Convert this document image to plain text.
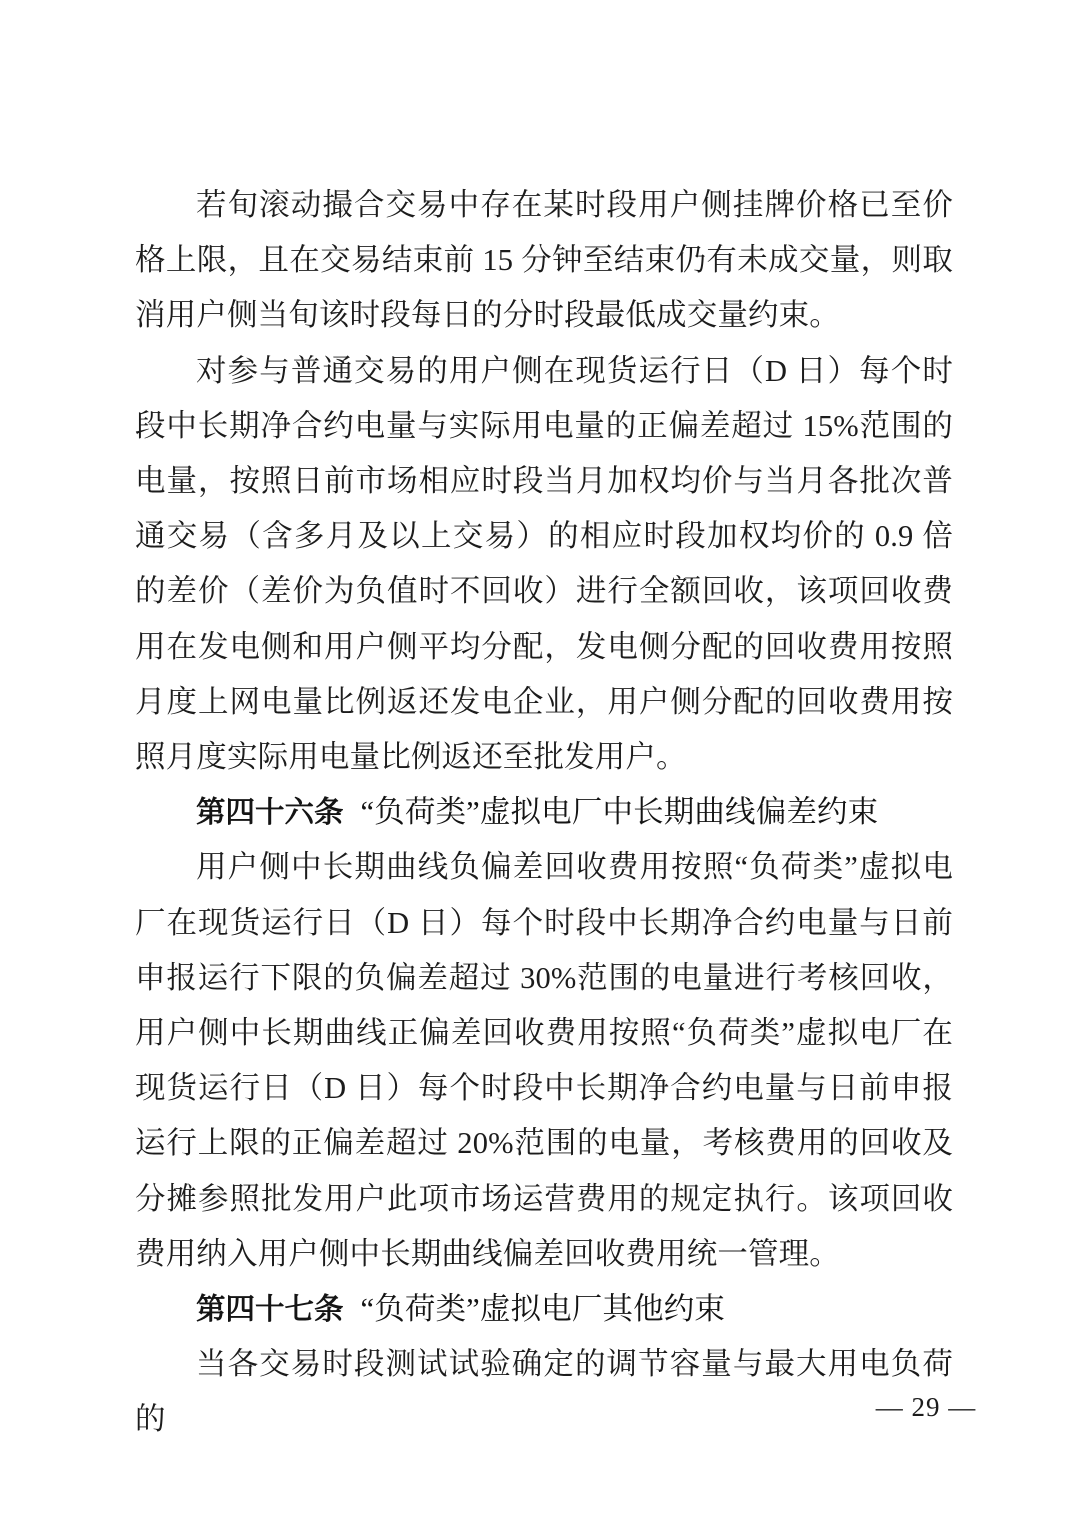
若旬滚动撮合交易中存在某时段用户侧挂牌价格已至价格上限，且在交易结束前 15 分钟至结束仍有未成交量，则取消用户侧当旬该时段每日的分时段最低成交量约束。

对参与普通交易的用户侧在现货运行日（D 日）每个时段中长期净合约电量与实际用电量的正偏差超过 15%范围的电量，按照日前市场相应时段当月加权均价与当月各批次普通交易（含多月及以上交易）的相应时段加权均价的 0.9 倍的差价（差价为负值时不回收）进行全额回收，该项回收费用在发电侧和用户侧平均分配，发电侧分配的回收费用按照月度上网电量比例返还发电企业，用户侧分配的回收费用按照月度实际用电量比例返还至批发用户。

第四十六条 “负荷类”虚拟电厂中长期曲线偏差约束

用户侧中长期曲线负偏差回收费用按照“负荷类”虚拟电厂在现货运行日（D 日）每个时段中长期净合约电量与日前申报运行下限的负偏差超过 30%范围的电量进行考核回收，用户侧中长期曲线正偏差回收费用按照“负荷类”虚拟电厂在现货运行日（D 日）每个时段中长期净合约电量与日前申报运行上限的正偏差超过 20%范围的电量，考核费用的回收及分摊参照批发用户此项市场运营费用的规定执行。该项回收费用纳入用户侧中长期曲线偏差回收费用统一管理。

第四十七条 “负荷类”虚拟电厂其他约束

当各交易时段测试试验确定的调节容量与最大用电负荷的	— 29 —
